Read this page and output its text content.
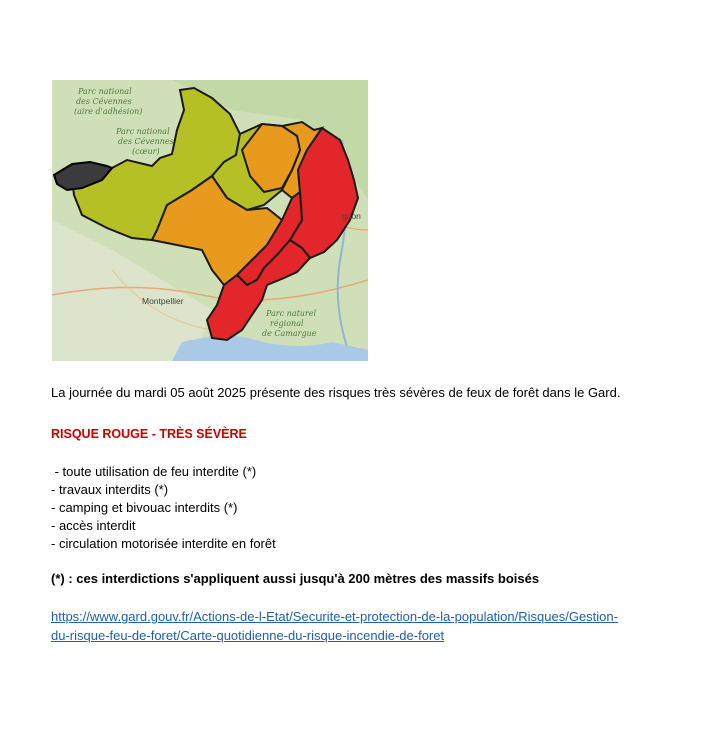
Parc national
des Cévennes
(aire d'adhésion)
Parc national
des Cévennes
(cœur)
Montpellier
gnon
Parc naturel
régional
de Camargue
La journée du mardi 05 août 2025 présente des risques très sévères de feux de forêt dans le Gard.
RISQUE ROUGE - TRÈS SÉVÈRE
- toute utilisation de feu interdite (*)
- travaux interdits (*)
- camping et bivouac interdits (*)
- accès interdit
- circulation motorisée interdite en forêt
(*) : ces interdictions s'appliquent aussi jusqu'à 200 mètres des massifs boisés
https://www.gard.gouv.fr/Actions-de-l-Etat/Securite-et-protection-de-la-population/Risques/Gestion-
du-risque-feu-de-foret/Carte-quotidienne-du-risque-incendie-de-foret
